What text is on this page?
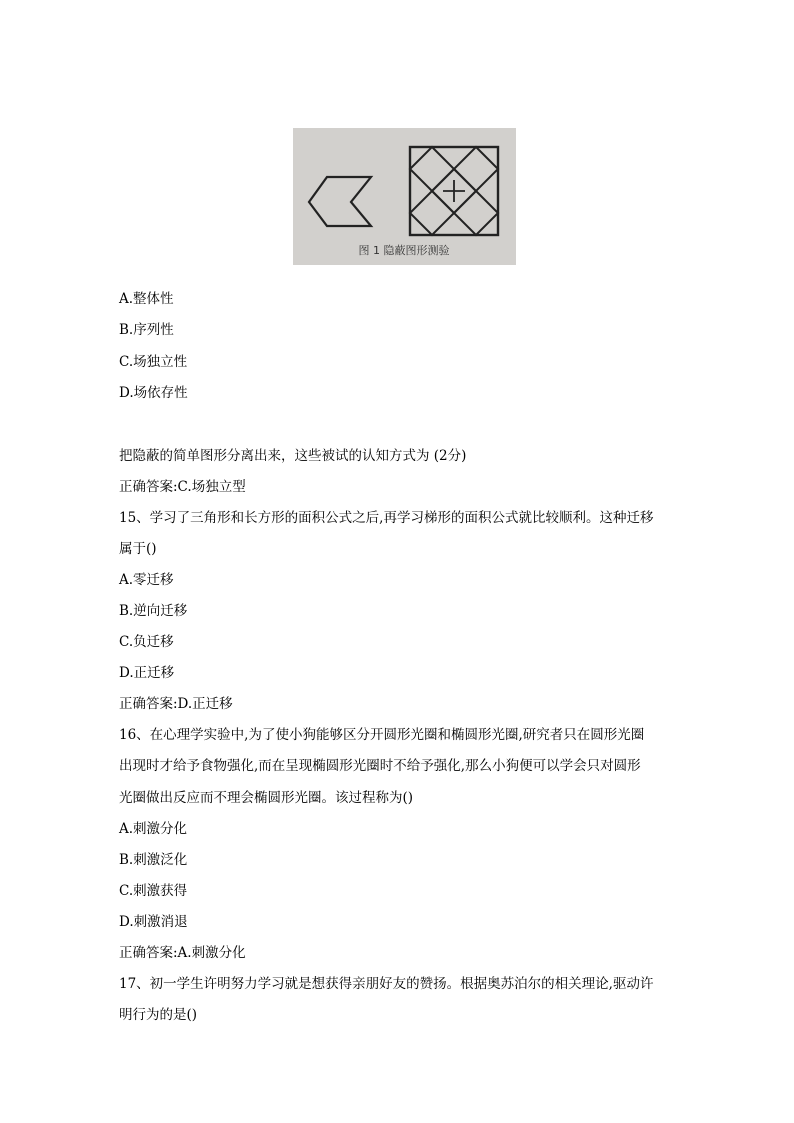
图 1 隐蔽图形测验
A.整体性
B.序列性
C.场独立性
D.场依存性
把隐蔽的简单图形分离出来，这些被试的认知方式为 (2分)
正确答案:C.场独立型
15、学习了三角形和长方形的面积公式之后,再学习梯形的面积公式就比较顺利。这种迁移
属于()
A.零迁移
B.逆向迁移
C.负迁移
D.正迁移
正确答案:D.正迁移
16、在心理学实验中,为了使小狗能够区分开圆形光圈和椭圆形光圈,研究者只在圆形光圈
出现时才给予食物强化,而在呈现椭圆形光圈时不给予强化,那么小狗便可以学会只对圆形
光圈做出反应而不理会椭圆形光圈。该过程称为()
A.刺激分化
B.刺激泛化
C.刺激获得
D.刺激消退
正确答案:A.刺激分化
17、初一学生许明努力学习就是想获得亲朋好友的赞扬。根据奥苏泊尔的相关理论,驱动许
明行为的是()
